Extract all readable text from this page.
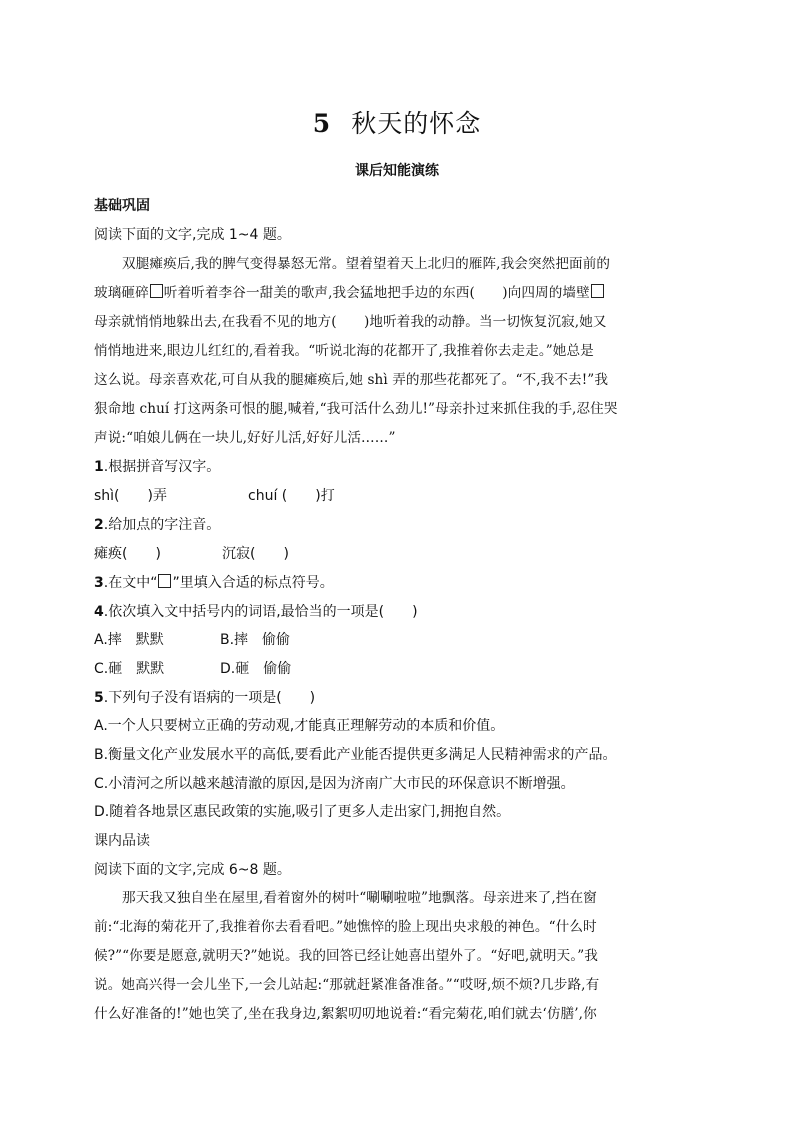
5 秋天的怀念
课后知能演练
基础巩固
阅读下面的文字,完成 1~4 题。
双腿瘫痪后,我的脾气变得暴怒无常。望着望着天上北归的雁阵,我会突然把面前的
玻璃砸碎 听着听着李谷一甜美的歌声,我会猛地把手边的东西(　　)向四周的墙壁
母亲就悄悄地躲出去,在我看不见的地方(　　)地听着我的动静。当一切恢复沉寂,她又
悄悄地进来,眼边儿红红的,看着我。“听说北海的花都开了,我推着你去走走。”她总是
这么说。母亲喜欢花,可自从我的腿瘫痪后,她 shì 弄的那些花都死了。“不,我不去!”我
狠命地 chuí 打这两条可恨的腿,喊着,“我可活什么劲儿!”母亲扑过来抓住我的手,忍住哭
声说:“咱娘儿俩在一块儿,好好儿活,好好儿活……”
1.根据拼音写汉字。
shì(　　)弄	chuí (　　)打
2.给加点的字注音。
瘫痪(　　)	沉寂(　　)
3.在文中“ ”里填入合适的标点符号。
4.依次填入文中括号内的词语,最恰当的一项是(　　)
A.摔　默默	B.摔　偷偷
C.砸　默默	D.砸　偷偷
5.下列句子没有语病的一项是(　　)
A.一个人只要树立正确的劳动观,才能真正理解劳动的本质和价值。
B.衡量文化产业发展水平的高低,要看此产业能否提供更多满足人民精神需求的产品。
C.小清河之所以越来越清澈的原因,是因为济南广大市民的环保意识不断增强。
D.随着各地景区惠民政策的实施,吸引了更多人走出家门,拥抱自然。
课内品读
阅读下面的文字,完成 6~8 题。
那天我又独自坐在屋里,看着窗外的树叶“唰唰啦啦”地飘落。母亲进来了,挡在窗
前:“北海的菊花开了,我推着你去看看吧。”她憔悴的脸上现出央求般的神色。“什么时
候?”“你要是愿意,就明天?”她说。我的回答已经让她喜出望外了。“好吧,就明天。”我
说。她高兴得一会儿坐下,一会儿站起:“那就赶紧准备准备。”“哎呀,烦不烦?几步路,有
什么好准备的!”她也笑了,坐在我身边,絮絮叨叨地说着:“看完菊花,咱们就去‘仿膳’,你
